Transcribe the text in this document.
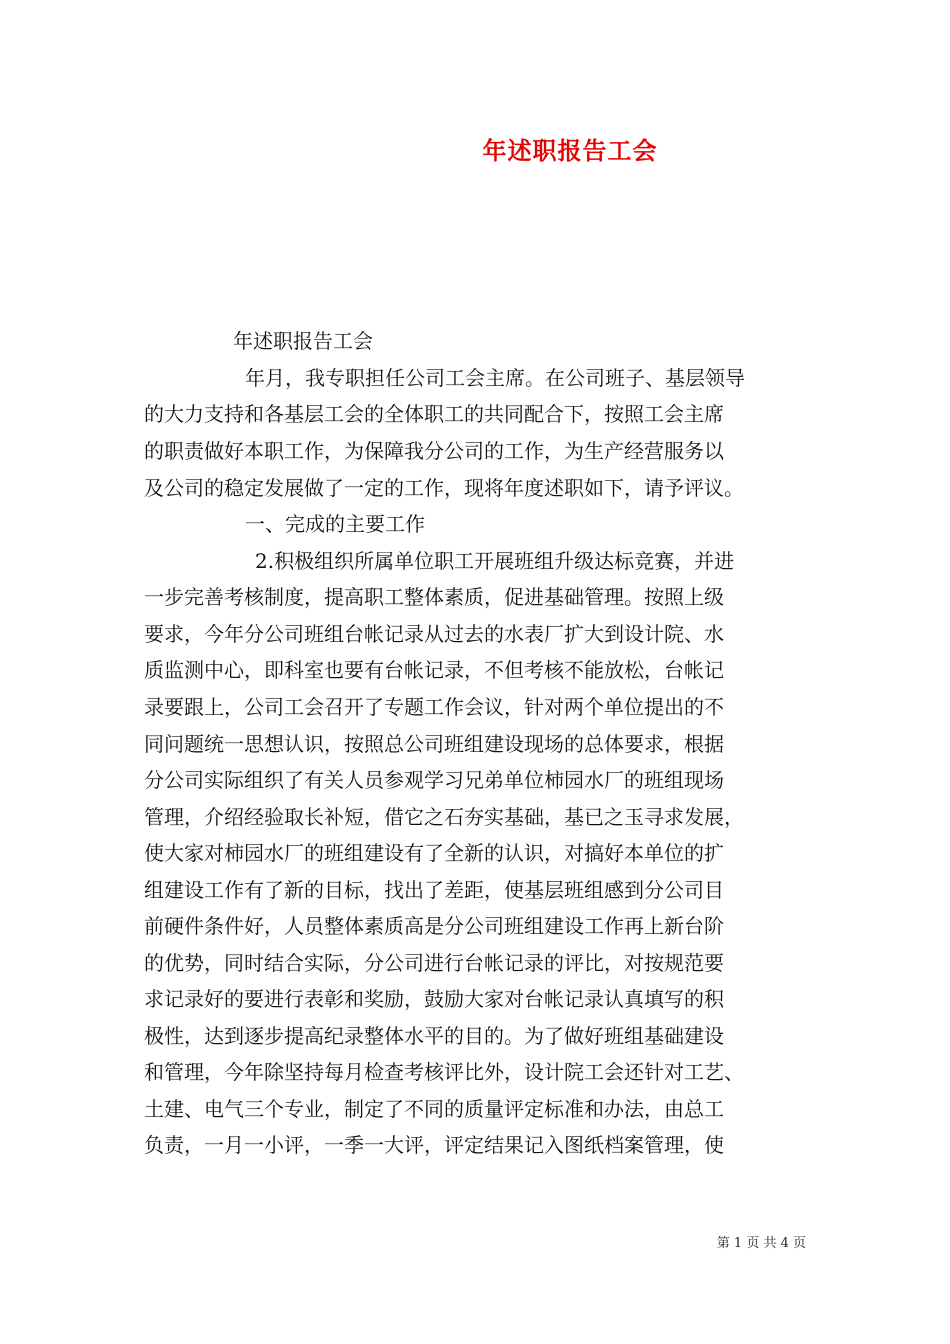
年述职报告工会
年述职报告工会
年月，我专职担任公司工会主席。在公司班子、基层领导
的大力支持和各基层工会的全体职工的共同配合下，按照工会主席
的职责做好本职工作，为保障我分公司的工作，为生产经营服务以
及公司的稳定发展做了一定的工作，现将年度述职如下，请予评议。
一、完成的主要工作
2.积极组织所属单位职工开展班组升级达标竞赛，并进
一步完善考核制度，提高职工整体素质，促进基础管理。按照上级
要求，今年分公司班组台帐记录从过去的水表厂扩大到设计院、水
质监测中心，即科室也要有台帐记录，不但考核不能放松，台帐记
录要跟上，公司工会召开了专题工作会议，针对两个单位提出的不
同问题统一思想认识，按照总公司班组建设现场的总体要求，根据
分公司实际组织了有关人员参观学习兄弟单位柿园水厂的班组现场
管理，介绍经验取长补短，借它之石夯实基础，基已之玉寻求发展，
使大家对柿园水厂的班组建设有了全新的认识，对搞好本单位的扩
组建设工作有了新的目标，找出了差距，使基层班组感到分公司目
前硬件条件好，人员整体素质高是分公司班组建设工作再上新台阶
的优势，同时结合实际，分公司进行台帐记录的评比，对按规范要
求记录好的要进行表彰和奖励，鼓励大家对台帐记录认真填写的积
极性，达到逐步提高纪录整体水平的目的。为了做好班组基础建设
和管理，今年除坚持每月检查考核评比外，设计院工会还针对工艺、
土建、电气三个专业，制定了不同的质量评定标准和办法，由总工
负责，一月一小评，一季一大评，评定结果记入图纸档案管理，使
第 1 页 共 4 页
